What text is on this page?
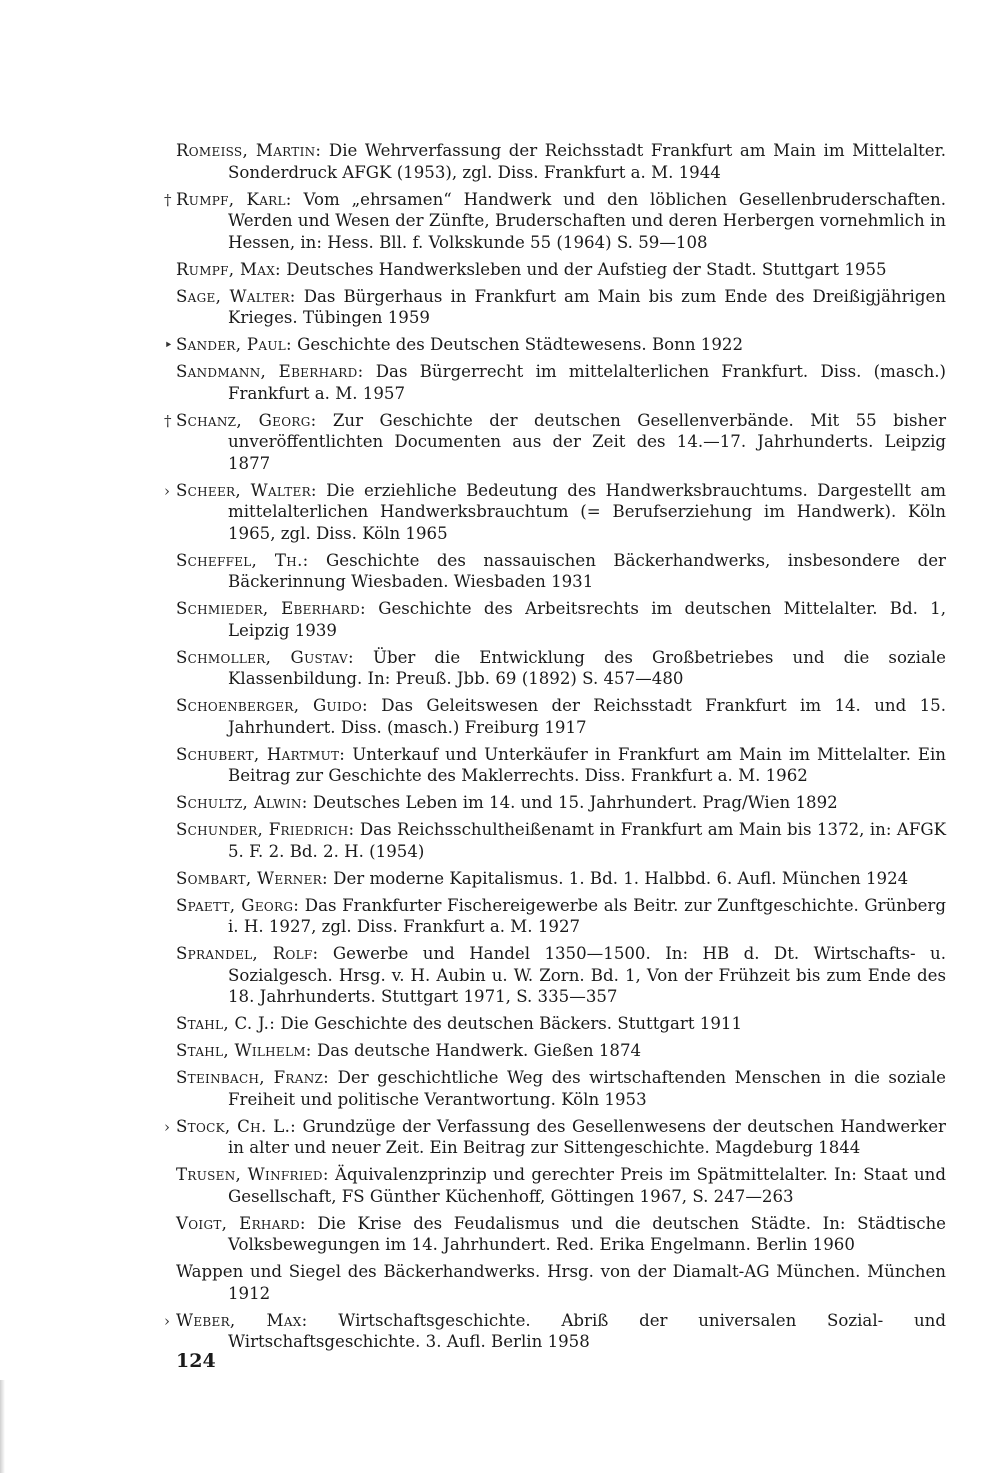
Romeiss, Martin: Die Wehrverfassung der Reichsstadt Frankfurt am Main im Mittelalter. Sonderdruck AFGK (1953), zgl. Diss. Frankfurt a. M. 1944

† Rumpf, Karl: Vom „ehrsamen“ Handwerk und den löblichen Gesellenbruderschaften. Werden und Wesen der Zünfte, Bruderschaften und deren Herbergen vornehmlich in Hessen, in: Hess. Bll. f. Volkskunde 55 (1964) S. 59—108

Rumpf, Max: Deutsches Handwerksleben und der Aufstieg der Stadt. Stuttgart 1955

Sage, Walter: Das Bürgerhaus in Frankfurt am Main bis zum Ende des Dreißigjährigen Krieges. Tübingen 1959

‣ Sander, Paul: Geschichte des Deutschen Städtewesens. Bonn 1922

Sandmann, Eberhard: Das Bürgerrecht im mittelalterlichen Frankfurt. Diss. (masch.) Frankfurt a. M. 1957

† Schanz, Georg: Zur Geschichte der deutschen Gesellenverbände. Mit 55 bisher unveröffentlichten Documenten aus der Zeit des 14.—17. Jahrhunderts. Leipzig 1877

› Scheer, Walter: Die erziehliche Bedeutung des Handwerksbrauchtums. Dargestellt am mittelalterlichen Handwerksbrauchtum (= Berufserziehung im Handwerk). Köln 1965, zgl. Diss. Köln 1965

Scheffel, Th.: Geschichte des nassauischen Bäckerhandwerks, insbesondere der Bäckerinnung Wiesbaden. Wiesbaden 1931

Schmieder, Eberhard: Geschichte des Arbeitsrechts im deutschen Mittelalter. Bd. 1, Leipzig 1939

Schmoller, Gustav: Über die Entwicklung des Großbetriebes und die soziale Klassenbildung. In: Preuß. Jbb. 69 (1892) S. 457—480

Schoenberger, Guido: Das Geleitswesen der Reichsstadt Frankfurt im 14. und 15. Jahrhundert. Diss. (masch.) Freiburg 1917

Schubert, Hartmut: Unterkauf und Unterkäufer in Frankfurt am Main im Mittelalter. Ein Beitrag zur Geschichte des Maklerrechts. Diss. Frankfurt a. M. 1962

Schultz, Alwin: Deutsches Leben im 14. und 15. Jahrhundert. Prag/Wien 1892

Schunder, Friedrich: Das Reichsschultheißenamt in Frankfurt am Main bis 1372, in: AFGK 5. F. 2. Bd. 2. H. (1954)

Sombart, Werner: Der moderne Kapitalismus. 1. Bd. 1. Halbbd. 6. Aufl. München 1924

Spaett, Georg: Das Frankfurter Fischereigewerbe als Beitr. zur Zunftgeschichte. Grünberg i. H. 1927, zgl. Diss. Frankfurt a. M. 1927

Sprandel, Rolf: Gewerbe und Handel 1350—1500. In: HB d. Dt. Wirtschafts- u. Sozialgesch. Hrsg. v. H. Aubin u. W. Zorn. Bd. 1, Von der Frühzeit bis zum Ende des 18. Jahrhunderts. Stuttgart 1971, S. 335—357

Stahl, C. J.: Die Geschichte des deutschen Bäckers. Stuttgart 1911

Stahl, Wilhelm: Das deutsche Handwerk. Gießen 1874

Steinbach, Franz: Der geschichtliche Weg des wirtschaftenden Menschen in die soziale Freiheit und politische Verantwortung. Köln 1953

› Stock, Ch. L.: Grundzüge der Verfassung des Gesellenwesens der deutschen Handwerker in alter und neuer Zeit. Ein Beitrag zur Sittengeschichte. Magdeburg 1844

Trusen, Winfried: Äquivalenzprinzip und gerechter Preis im Spätmittelalter. In: Staat und Gesellschaft, FS Günther Küchenhoff, Göttingen 1967, S. 247—263

Voigt, Erhard: Die Krise des Feudalismus und die deutschen Städte. In: Städtische Volksbewegungen im 14. Jahrhundert. Red. Erika Engelmann. Berlin 1960

Wappen und Siegel des Bäckerhandwerks. Hrsg. von der Diamalt-AG München. München 1912

› Weber, Max: Wirtschaftsgeschichte. Abriß der universalen Sozial- und Wirtschaftsgeschichte. 3. Aufl. Berlin 1958

124
